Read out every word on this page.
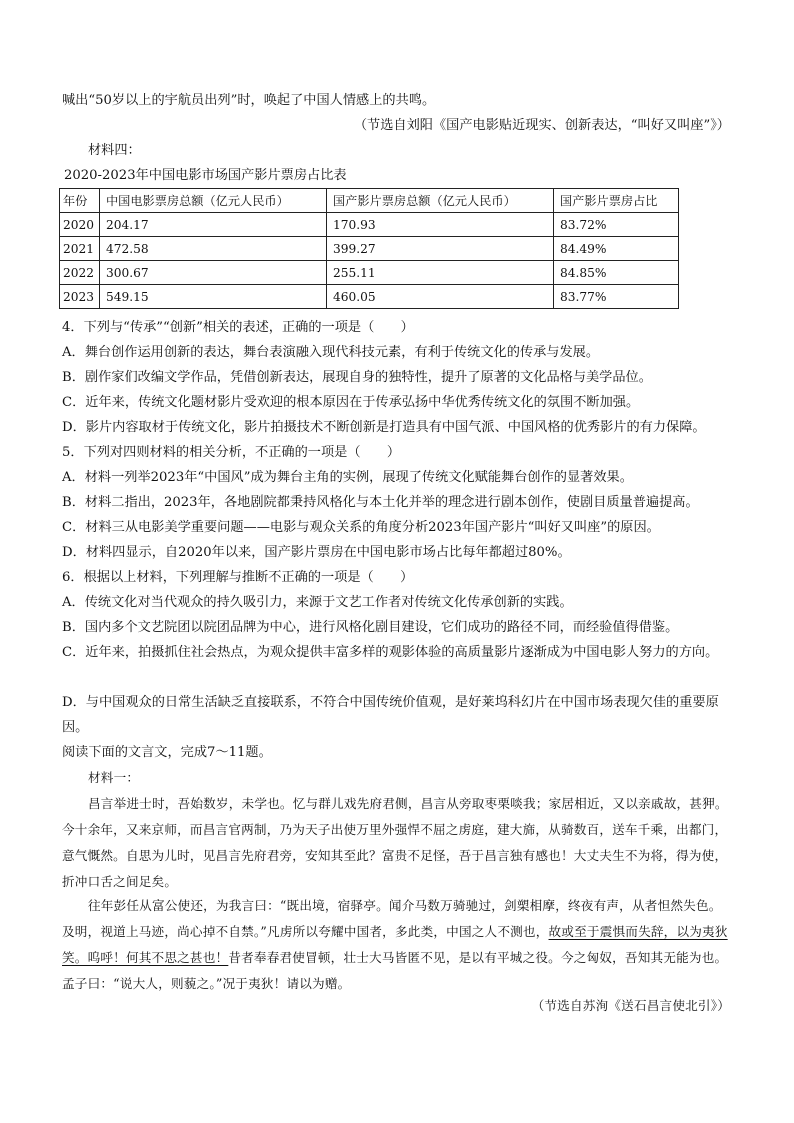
喊出“50岁以上的宇航员出列”时，唤起了中国人情感上的共鸣。
（节选自刘阳《国产电影贴近现实、创新表达，“叫好又叫座”》）
材料四：
2020-2023年中国电影市场国产影片票房占比表
年份	中国电影票房总额（亿元人民币）	国产影片票房总额（亿元人民币）	国产影片票房占比
2020	204.17	170.93	83.72%
2021	472.58	399.27	84.49%
2022	300.67	255.11	84.85%
2023	549.15	460.05	83.77%
4．下列与“传承”“创新”相关的表述，正确的一项是（　　）
A．舞台创作运用创新的表达，舞台表演融入现代科技元素，有利于传统文化的传承与发展。
B．剧作家们改编文学作品，凭借创新表达，展现自身的独特性，提升了原著的文化品格与美学品位。
C．近年来，传统文化题材影片受欢迎的根本原因在于传承弘扬中华优秀传统文化的氛围不断加强。
D．影片内容取材于传统文化，影片拍摄技术不断创新是打造具有中国气派、中国风格的优秀影片的有力保障。
5．下列对四则材料的相关分析，不正确的一项是（　　）
A．材料一列举2023年“中国风”成为舞台主角的实例，展现了传统文化赋能舞台创作的显著效果。
B．材料二指出，2023年，各地剧院都秉持风格化与本土化并举的理念进行剧本创作，使剧目质量普遍提高。
C．材料三从电影美学重要问题——电影与观众关系的角度分析2023年国产影片“叫好又叫座”的原因。
D．材料四显示，自2020年以来，国产影片票房在中国电影市场占比每年都超过80%。
6．根据以上材料，下列理解与推断不正确的一项是（　　）
A．传统文化对当代观众的持久吸引力，来源于文艺工作者对传统文化传承创新的实践。
B．国内多个文艺院团以院团品牌为中心，进行风格化剧目建设，它们成功的路径不同，而经验值得借鉴。
C．近年来，拍摄抓住社会热点，为观众提供丰富多样的观影体验的高质量影片逐渐成为中国电影人努力的方向。
D．与中国观众的日常生活缺乏直接联系，不符合中国传统价值观，是好莱坞科幻片在中国市场表现欠佳的重要原因。
阅读下面的文言文，完成7～11题。
材料一：
昌言举进士时，吾始数岁，未学也。忆与群儿戏先府君侧，昌言从旁取枣栗啖我；家居相近，又以亲戚故，甚狎。今十余年，又来京师，而昌言官两制，乃为天子出使万里外强悍不屈之虏庭，建大旆，从骑数百，送车千乘，出都门，意气慨然。自思为儿时，见昌言先府君旁，安知其至此？富贵不足怪，吾于昌言独有感也！大丈夫生不为将，得为使，折冲口舌之间足矣。
往年彭任从富公使还，为我言曰：“既出境，宿驿亭。闻介马数万骑驰过，剑槊相摩，终夜有声，从者怛然失色。及明，视道上马迹，尚心掉不自禁。”凡虏所以夸耀中国者，多此类，中国之人不测也，故或至于震惧而失辞，以为夷狄笑。呜呼！何其不思之甚也！昔者奉春君使冒顿，壮士大马皆匿不见，是以有平城之役。今之匈奴，吾知其无能为也。孟子曰：“说大人，则藐之。”况于夷狄！请以为赠。
（节选自苏洵《送石昌言使北引》）
